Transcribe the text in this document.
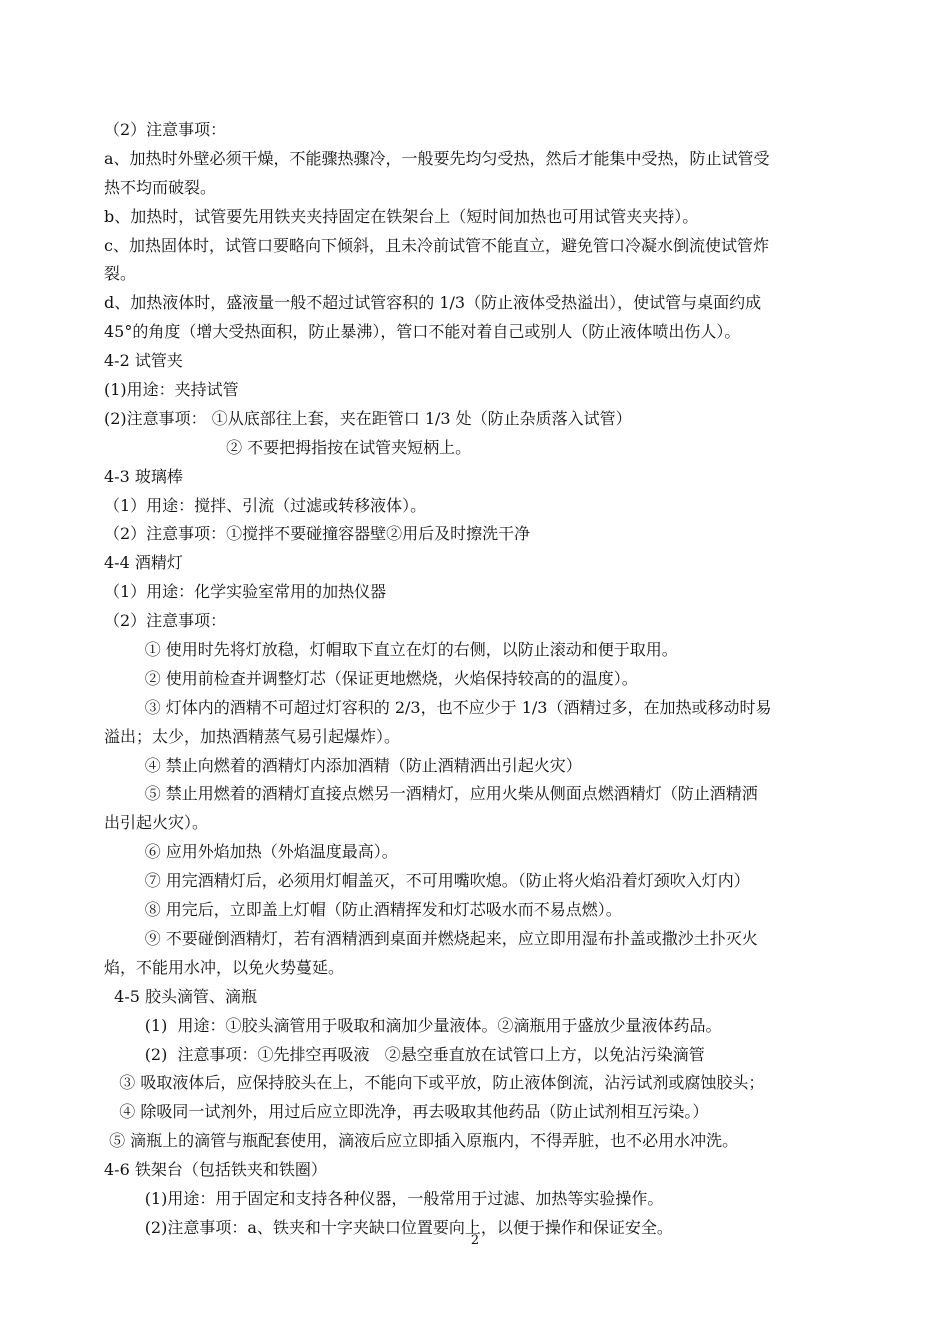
（2）注意事项：
a、加热时外壁必须干燥，不能骤热骤冷，一般要先均匀受热，然后才能集中受热，防止试管受
热不均而破裂。
b、加热时，试管要先用铁夹夹持固定在铁架台上（短时间加热也可用试管夹夹持）。
c、加热固体时，试管口要略向下倾斜，且未冷前试管不能直立，避免管口冷凝水倒流使试管炸
裂。
d、加热液体时，盛液量一般不超过试管容积的 1/3（防止液体受热溢出），使试管与桌面约成
45°的角度（增大受热面积，防止暴沸），管口不能对着自己或别人（防止液体喷出伤人）。
4-2 试管夹
(1)用途：夹持试管
(2)注意事项： ①从底部往上套，夹在距管口 1/3 处（防止杂质落入试管）
② 不要把拇指按在试管夹短柄上。
4-3 玻璃棒
（1）用途：搅拌、引流（过滤或转移液体）。
（2）注意事项：①搅拌不要碰撞容器壁②用后及时擦洗干净
4-4 酒精灯
（1）用途：化学实验室常用的加热仪器
（2）注意事项：
① 使用时先将灯放稳，灯帽取下直立在灯的右侧，以防止滚动和便于取用。
② 使用前检查并调整灯芯（保证更地燃烧，火焰保持较高的的温度）。
③ 灯体内的酒精不可超过灯容积的 2/3，也不应少于 1/3（酒精过多，在加热或移动时易
溢出；太少，加热酒精蒸气易引起爆炸）。
④ 禁止向燃着的酒精灯内添加酒精（防止酒精洒出引起火灾）
⑤ 禁止用燃着的酒精灯直接点燃另一酒精灯，应用火柴从侧面点燃酒精灯（防止酒精洒
出引起火灾）。
⑥ 应用外焰加热（外焰温度最高）。
⑦ 用完酒精灯后，必须用灯帽盖灭，不可用嘴吹熄。（防止将火焰沿着灯颈吹入灯内）
⑧ 用完后，立即盖上灯帽（防止酒精挥发和灯芯吸水而不易点燃）。
⑨ 不要碰倒酒精灯，若有酒精洒到桌面并燃烧起来，应立即用湿布扑盖或撒沙土扑灭火
焰，不能用水冲，以免火势蔓延。
4-5 胶头滴管、滴瓶
(1)  用途：①胶头滴管用于吸取和滴加少量液体。②滴瓶用于盛放少量液体药品。
(2)  注意事项：①先排空再吸液   ②悬空垂直放在试管口上方，以免沾污染滴管
③ 吸取液体后，应保持胶头在上，不能向下或平放，防止液体倒流，沾污试剂或腐蚀胶头；
④ 除吸同一试剂外，用过后应立即洗净，再去吸取其他药品（防止试剂相互污染。）
⑤ 滴瓶上的滴管与瓶配套使用，滴液后应立即插入原瓶内，不得弄脏，也不必用水冲洗。
4-6 铁架台（包括铁夹和铁圈）
(1)用途：用于固定和支持各种仪器，一般常用于过滤、加热等实验操作。
(2)注意事项：a、铁夹和十字夹缺口位置要向上，以便于操作和保证安全。
2
